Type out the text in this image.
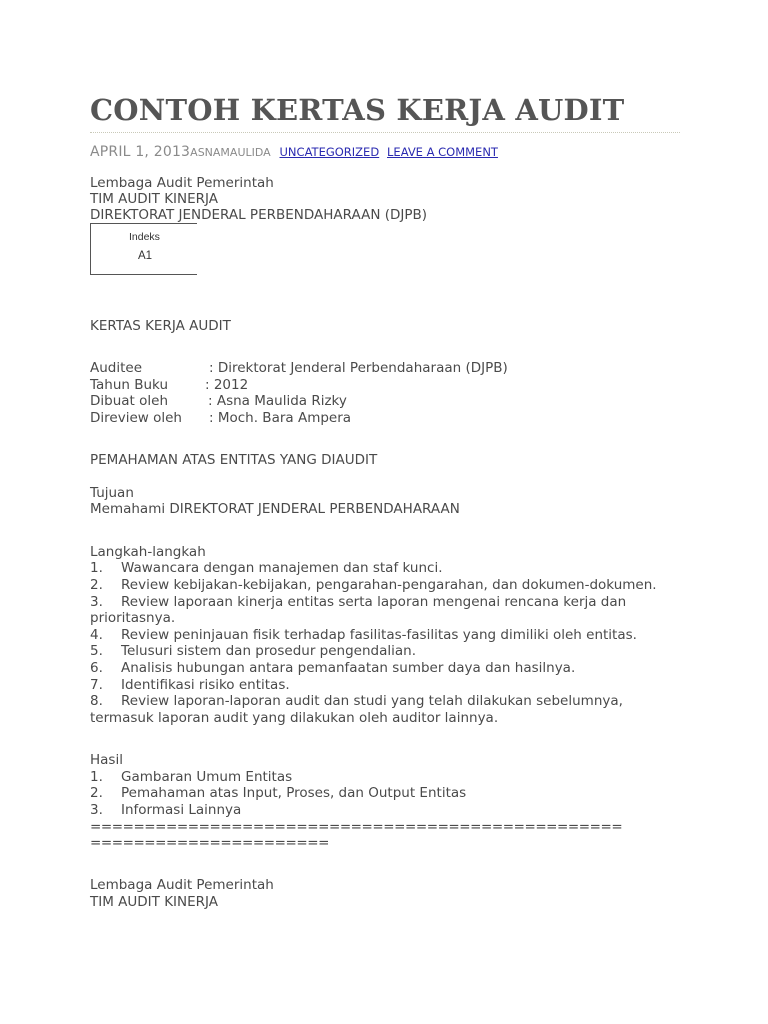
CONTOH KERTAS KERJA AUDIT
APRIL 1, 2013ASNAMAULIDA UNCATEGORIZED LEAVE A COMMENT

Lembaga Audit Pemerintah

TIM AUDIT KINERJA

DIREKTORAT JENDERAL PERBENDAHARAAN (DJPB)

Indeks
A1

KERTAS KERJA AUDIT

Auditee	: Direktorat Jenderal Perbendaharaan (DJPB)
Tahun Buku	: 2012
Dibuat oleh	: Asna Maulida Rizky
Direview oleh : Moch. Bara Ampera

PEMAHAMAN ATAS ENTITAS YANG DIAUDIT

Tujuan

Memahami DIREKTORAT JENDERAL PERBENDAHARAAN

Langkah-langkah

1. Wawancara dengan manajemen dan staf kunci.

2. Review kebijakan-kebijakan, pengarahan-pengarahan, dan dokumen-dokumen.

3. Review laporaan kinerja entitas serta laporan mengenai rencana kerja dan

prioritasnya.

4. Review peninjauan fisik terhadap fasilitas-fasilitas yang dimiliki oleh entitas.

5. Telusuri sistem dan prosedur pengendalian.

6. Analisis hubungan antara pemanfaatan sumber daya dan hasilnya.

7. Identifikasi risiko entitas.

8. Review laporan-laporan audit dan studi yang telah dilakukan sebelumnya,

termasuk laporan audit yang dilakukan oleh auditor lainnya.

Hasil

1. Gambaran Umum Entitas

2. Pemahaman atas Input, Proses, dan Output Entitas

3. Informasi Lainnya

=================================================

======================

Lembaga Audit Pemerintah

TIM AUDIT KINERJA
